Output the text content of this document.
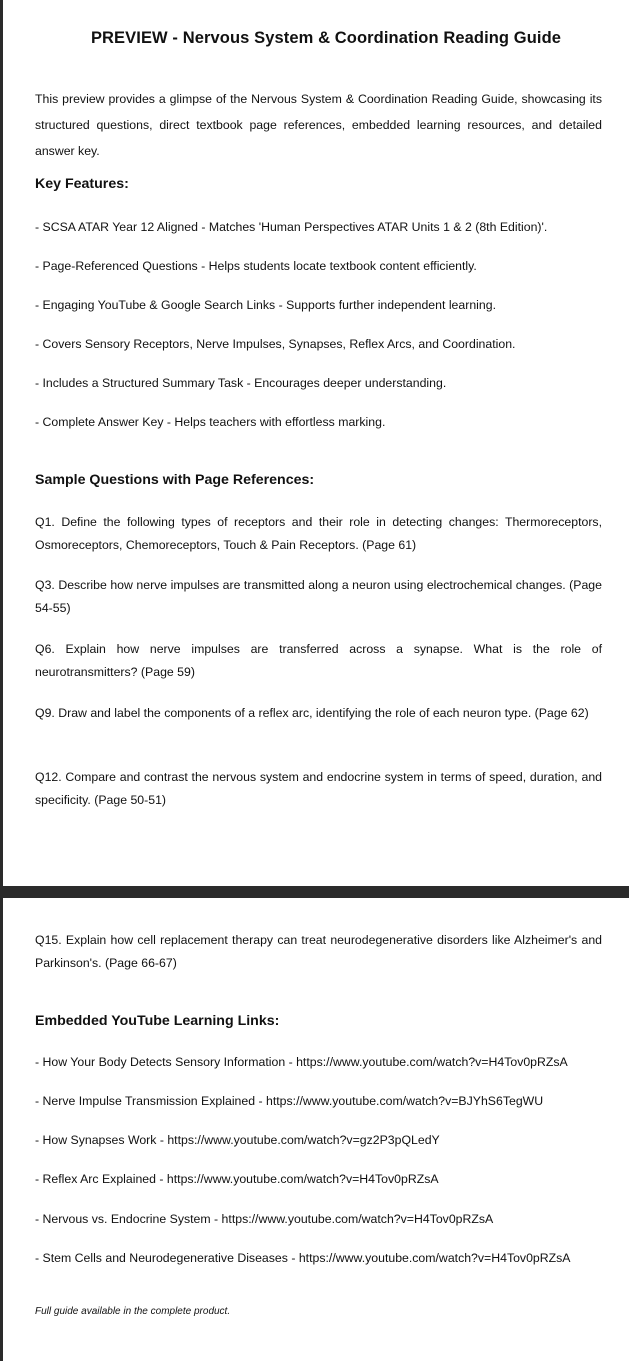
PREVIEW - Nervous System & Coordination Reading Guide

This preview provides a glimpse of the Nervous System & Coordination Reading Guide, showcasing its structured questions, direct textbook page references, embedded learning resources, and detailed answer key.

Key Features:

- SCSA ATAR Year 12 Aligned - Matches 'Human Perspectives ATAR Units 1 & 2 (8th Edition)'.

- Page-Referenced Questions - Helps students locate textbook content efficiently.

- Engaging YouTube & Google Search Links - Supports further independent learning.

- Covers Sensory Receptors, Nerve Impulses, Synapses, Reflex Arcs, and Coordination.

- Includes a Structured Summary Task - Encourages deeper understanding.

- Complete Answer Key - Helps teachers with effortless marking.

Sample Questions with Page References:

Q1. Define the following types of receptors and their role in detecting changes: Thermoreceptors, Osmoreceptors, Chemoreceptors, Touch & Pain Receptors. (Page 61)

Q3. Describe how nerve impulses are transmitted along a neuron using electrochemical changes. (Page 54-55)

Q6. Explain how nerve impulses are transferred across a synapse. What is the role of neurotransmitters? (Page 59)

Q9. Draw and label the components of a reflex arc, identifying the role of each neuron type. (Page 62)

Q12. Compare and contrast the nervous system and endocrine system in terms of speed, duration, and specificity. (Page 50-51)

Q15. Explain how cell replacement therapy can treat neurodegenerative disorders like Alzheimer's and Parkinson's. (Page 66-67)

Embedded YouTube Learning Links:

- How Your Body Detects Sensory Information - https://www.youtube.com/watch?v=H4Tov0pRZsA

- Nerve Impulse Transmission Explained - https://www.youtube.com/watch?v=BJYhS6TegWU

- How Synapses Work - https://www.youtube.com/watch?v=gz2P3pQLedY

- Reflex Arc Explained - https://www.youtube.com/watch?v=H4Tov0pRZsA

- Nervous vs. Endocrine System - https://www.youtube.com/watch?v=H4Tov0pRZsA

- Stem Cells and Neurodegenerative Diseases - https://www.youtube.com/watch?v=H4Tov0pRZsA

Full guide available in the complete product.
